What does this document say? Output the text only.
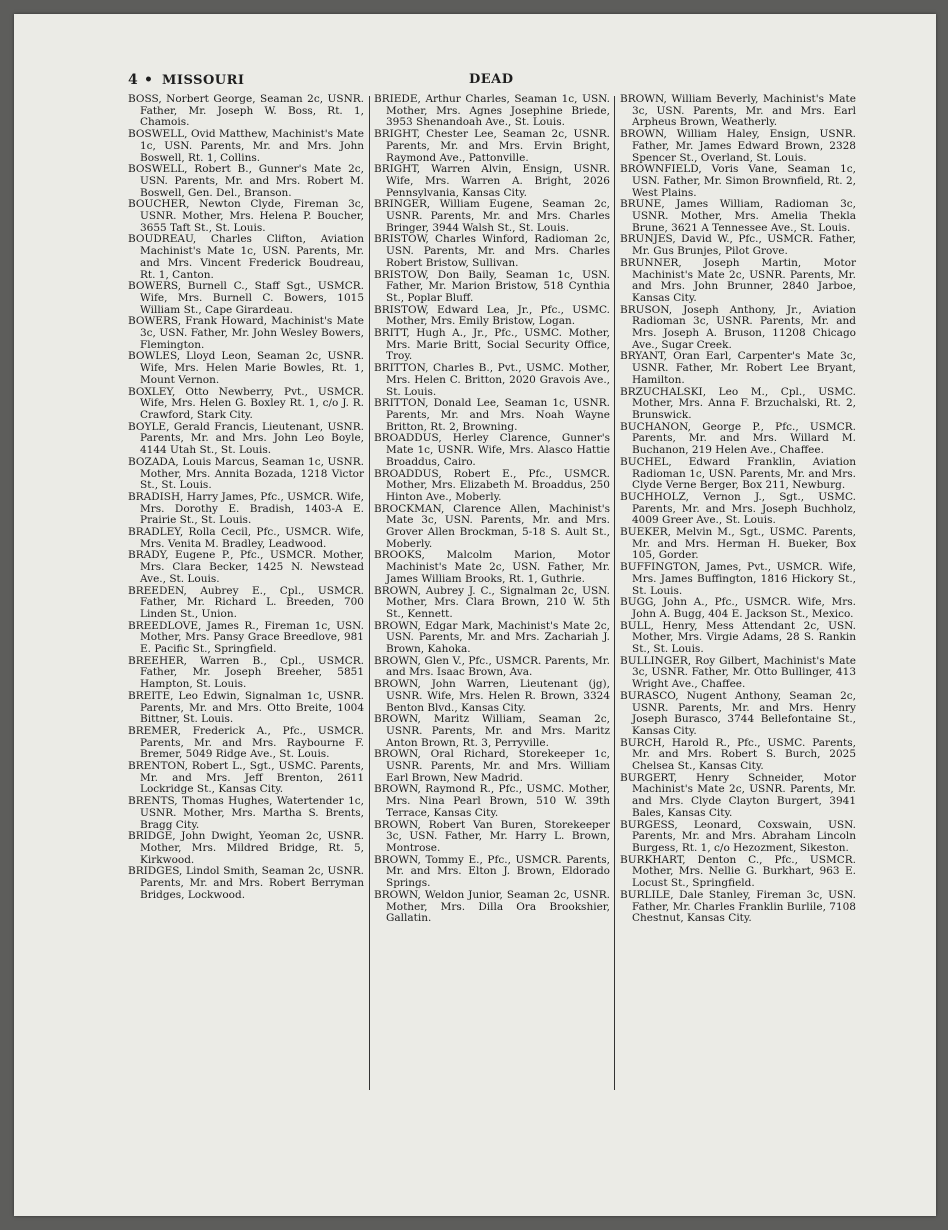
4 • MISSOURI	DEAD

BOSS, Norbert George, Seaman 2c, USNR. Father, Mr. Joseph W. Boss, Rt. 1, Chamois.

BOSWELL, Ovid Matthew, Machinist's Mate 1c, USN. Parents, Mr. and Mrs. John Boswell, Rt. 1, Collins.

BOSWELL, Robert B., Gunner's Mate 2c, USN. Parents, Mr. and Mrs. Robert M. Boswell, Gen. Del., Branson.

BOUCHER, Newton Clyde, Fireman 3c, USNR. Mother, Mrs. Helena P. Boucher, 3655 Taft St., St. Louis.

BOUDREAU, Charles Clifton, Aviation Machinist's Mate 1c, USN. Parents, Mr. and Mrs. Vincent Frederick Boudreau, Rt. 1, Canton.

BOWERS, Burnell C., Staff Sgt., USMCR. Wife, Mrs. Burnell C. Bowers, 1015 William St., Cape Girardeau.

BOWERS, Frank Howard, Machinist's Mate 3c, USN. Father, Mr. John Wesley Bowers, Flemington.

BOWLES, Lloyd Leon, Seaman 2c, USNR. Wife, Mrs. Helen Marie Bowles, Rt. 1, Mount Vernon.

BOXLEY, Otto Newberry, Pvt., USMCR. Wife, Mrs. Helen G. Boxley Rt. 1, c/o J. R. Crawford, Stark City.

BOYLE, Gerald Francis, Lieutenant, USNR. Parents, Mr. and Mrs. John Leo Boyle, 4144 Utah St., St. Louis.

BOZADA, Louis Marcus, Seaman 1c, USNR. Mother, Mrs. Annita Bozada, 1218 Victor St., St. Louis.

BRADISH, Harry James, Pfc., USMCR. Wife, Mrs. Dorothy E. Bradish, 1403-A E. Prairie St., St. Louis.

BRADLEY, Rolla Cecil, Pfc., USMCR. Wife, Mrs. Venita M. Bradley, Leadwood.

BRADY, Eugene P., Pfc., USMCR. Mother, Mrs. Clara Becker, 1425 N. Newstead Ave., St. Louis.

BREEDEN, Aubrey E., Cpl., USMCR. Father, Mr. Richard L. Breeden, 700 Linden St., Union.

BREEDLOVE, James R., Fireman 1c, USN. Mother, Mrs. Pansy Grace Breedlove, 981 E. Pacific St., Springfield.

BREEHER, Warren B., Cpl., USMCR. Father, Mr. Joseph Breeher, 5851 Hampton, St. Louis.

BREITE, Leo Edwin, Signalman 1c, USNR. Parents, Mr. and Mrs. Otto Breite, 1004 Bittner, St. Louis.

BREMER, Frederick A., Pfc., USMCR. Parents, Mr. and Mrs. Raybourne F. Bremer, 5049 Ridge Ave., St. Louis.

BRENTON, Robert L., Sgt., USMC. Parents, Mr. and Mrs. Jeff Brenton, 2611 Lockridge St., Kansas City.

BRENTS, Thomas Hughes, Watertender 1c, USNR. Mother, Mrs. Martha S. Brents, Bragg City.

BRIDGE, John Dwight, Yeoman 2c, USNR. Mother, Mrs. Mildred Bridge, Rt. 5, Kirkwood.

BRIDGES, Lindol Smith, Seaman 2c, USNR. Parents, Mr. and Mrs. Robert Berryman Bridges, Lockwood.

BRIEDE, Arthur Charles, Seaman 1c, USN. Mother, Mrs. Agnes Josephine Briede, 3953 Shenandoah Ave., St. Louis.

BRIGHT, Chester Lee, Seaman 2c, USNR. Parents, Mr. and Mrs. Ervin Bright, Raymond Ave., Pattonville.

BRIGHT, Warren Alvin, Ensign, USNR. Wife, Mrs. Warren A. Bright, 2026 Pennsylvania, Kansas City.

BRINGER, William Eugene, Seaman 2c, USNR. Parents, Mr. and Mrs. Charles Bringer, 3944 Walsh St., St. Louis.

BRISTOW, Charles Winford, Radioman 2c, USN. Parents, Mr. and Mrs. Charles Robert Bristow, Sullivan.

BRISTOW, Don Baily, Seaman 1c, USN. Father, Mr. Marion Bristow, 518 Cynthia St., Poplar Bluff.

BRISTOW, Edward Lea, Jr., Pfc., USMC. Mother, Mrs. Emily Bristow, Logan.

BRITT, Hugh A., Jr., Pfc., USMC. Mother, Mrs. Marie Britt, Social Security Office, Troy.

BRITTON, Charles B., Pvt., USMC. Mother, Mrs. Helen C. Britton, 2020 Gravois Ave., St. Louis.

BRITTON, Donald Lee, Seaman 1c, USNR. Parents, Mr. and Mrs. Noah Wayne Britton, Rt. 2, Browning.

BROADDUS, Herley Clarence, Gunner's Mate 1c, USNR. Wife, Mrs. Alasco Hattie Broaddus, Cairo.

BROADDUS, Robert E., Pfc., USMCR. Mother, Mrs. Elizabeth M. Broaddus, 250 Hinton Ave., Moberly.

BROCKMAN, Clarence Allen, Machinist's Mate 3c, USN. Parents, Mr. and Mrs. Grover Allen Brockman, 5-18 S. Ault St., Moberly.

BROOKS, Malcolm Marion, Motor Machinist's Mate 2c, USN. Father, Mr. James William Brooks, Rt. 1, Guthrie.

BROWN, Aubrey J. C., Signalman 2c, USN. Mother, Mrs. Clara Brown, 210 W. 5th St., Kennett.

BROWN, Edgar Mark, Machinist's Mate 2c, USN. Parents, Mr. and Mrs. Zachariah J. Brown, Kahoka.

BROWN, Glen V., Pfc., USMCR. Parents, Mr. and Mrs. Isaac Brown, Ava.

BROWN, John Warren, Lieutenant (jg), USNR. Wife, Mrs. Helen R. Brown, 3324 Benton Blvd., Kansas City.

BROWN, Maritz William, Seaman 2c, USNR. Parents, Mr. and Mrs. Maritz Anton Brown, Rt. 3, Perryville.

BROWN, Oral Richard, Storekeeper 1c, USNR. Parents, Mr. and Mrs. William Earl Brown, New Madrid.

BROWN, Raymond R., Pfc., USMC. Mother, Mrs. Nina Pearl Brown, 510 W. 39th Terrace, Kansas City.

BROWN, Robert Van Buren, Storekeeper 3c, USN. Father, Mr. Harry L. Brown, Montrose.

BROWN, Tommy E., Pfc., USMCR. Parents, Mr. and Mrs. Elton J. Brown, Eldorado Springs.

BROWN, Weldon Junior, Seaman 2c, USNR. Mother, Mrs. Dilla Ora Brookshier, Gallatin.

BROWN, William Beverly, Machinist's Mate 3c, USN. Parents, Mr. and Mrs. Earl Arpheus Brown, Weatherly.

BROWN, William Haley, Ensign, USNR. Father, Mr. James Edward Brown, 2328 Spencer St., Overland, St. Louis.

BROWNFIELD, Voris Vane, Seaman 1c, USN. Father, Mr. Simon Brownfield, Rt. 2, West Plains.

BRUNE, James William, Radioman 3c, USNR. Mother, Mrs. Amelia Thekla Brune, 3621 A Tennessee Ave., St. Louis.

BRUNJES, David W., Pfc., USMCR. Father, Mr. Gus Brunjes, Pilot Grove.

BRUNNER, Joseph Martin, Motor Machinist's Mate 2c, USNR. Parents, Mr. and Mrs. John Brunner, 2840 Jarboe, Kansas City.

BRUSON, Joseph Anthony, Jr., Aviation Radioman 3c, USNR. Parents, Mr. and Mrs. Joseph A. Bruson, 11208 Chicago Ave., Sugar Creek.

BRYANT, Oran Earl, Carpenter's Mate 3c, USNR. Father, Mr. Robert Lee Bryant, Hamilton.

BRZUCHALSKI, Leo M., Cpl., USMC. Mother, Mrs. Anna F. Brzuchalski, Rt. 2, Brunswick.

BUCHANON, George P., Pfc., USMCR. Parents, Mr. and Mrs. Willard M. Buchanon, 219 Helen Ave., Chaffee.

BUCHEL, Edward Franklin, Aviation Radioman 1c, USN. Parents, Mr. and Mrs. Clyde Verne Berger, Box 211, Newburg.

BUCHHOLZ, Vernon J., Sgt., USMC. Parents, Mr. and Mrs. Joseph Buchholz, 4009 Greer Ave., St. Louis.

BUEKER, Melvin M., Sgt., USMC. Parents, Mr. and Mrs. Herman H. Bueker, Box 105, Gorder.

BUFFINGTON, James, Pvt., USMCR. Wife, Mrs. James Buffington, 1816 Hickory St., St. Louis.

BUGG, John A., Pfc., USMCR. Wife, Mrs. John A. Bugg, 404 E. Jackson St., Mexico.

BULL, Henry, Mess Attendant 2c, USN. Mother, Mrs. Virgie Adams, 28 S. Rankin St., St. Louis.

BULLINGER, Roy Gilbert, Machinist's Mate 3c, USNR. Father, Mr. Otto Bullinger, 413 Wright Ave., Chaffee.

BURASCO, Nugent Anthony, Seaman 2c, USNR. Parents, Mr. and Mrs. Henry Joseph Burasco, 3744 Bellefontaine St., Kansas City.

BURCH, Harold R., Pfc., USMC. Parents, Mr. and Mrs. Robert S. Burch, 2025 Chelsea St., Kansas City.

BURGERT, Henry Schneider, Motor Machinist's Mate 2c, USNR. Parents, Mr. and Mrs. Clyde Clayton Burgert, 3941 Bales, Kansas City.

BURGESS, Leonard, Coxswain, USN. Parents, Mr. and Mrs. Abraham Lincoln Burgess, Rt. 1, c/o Hezozment, Sikeston.

BURKHART, Denton C., Pfc., USMCR. Mother, Mrs. Nellie G. Burkhart, 963 E. Locust St., Springfield.

BURLILE, Dale Stanley, Fireman 3c, USN. Father, Mr. Charles Franklin Burlile, 7108 Chestnut, Kansas City.
